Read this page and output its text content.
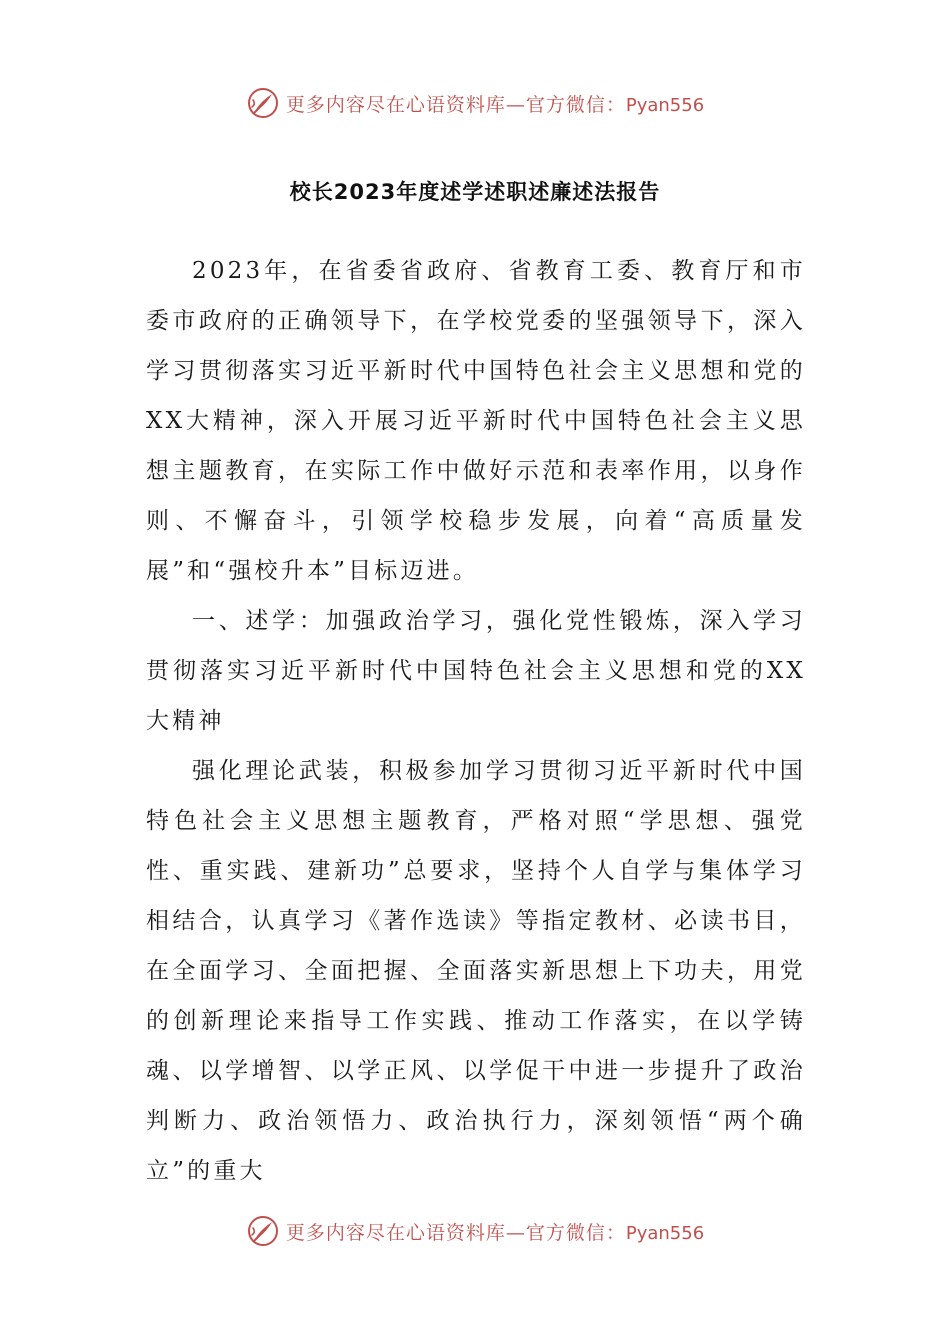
更多内容尽在心语资料库—官方微信：Pyan556
校长2023年度述学述职述廉述法报告

2023年，在省委省政府、省教育工委、教育厅和市委市政府的正确领导下，在学校党委的坚强领导下，深入学习贯彻落实习近平新时代中国特色社会主义思想和党的XX大精神，深入开展习近平新时代中国特色社会主义思想主题教育，在实际工作中做好示范和表率作用，以身作则、不懈奋斗，引领学校稳步发展，向着“高质量发展”和“强校升本”目标迈进。

一、述学：加强政治学习，强化党性锻炼，深入学习贯彻落实习近平新时代中国特色社会主义思想和党的XX大精神

强化理论武装，积极参加学习贯彻习近平新时代中国特色社会主义思想主题教育，严格对照“学思想、强党性、重实践、建新功”总要求，坚持个人自学与集体学习相结合，认真学习《著作选读》等指定教材、必读书目，在全面学习、全面把握、全面落实新思想上下功夫，用党的创新理论来指导工作实践、推动工作落实，在以学铸魂、以学增智、以学正风、以学促干中进一步提升了政治判断力、政治领悟力、政治执行力，深刻领悟“两个确立”的重大

更多内容尽在心语资料库—官方微信：Pyan556
